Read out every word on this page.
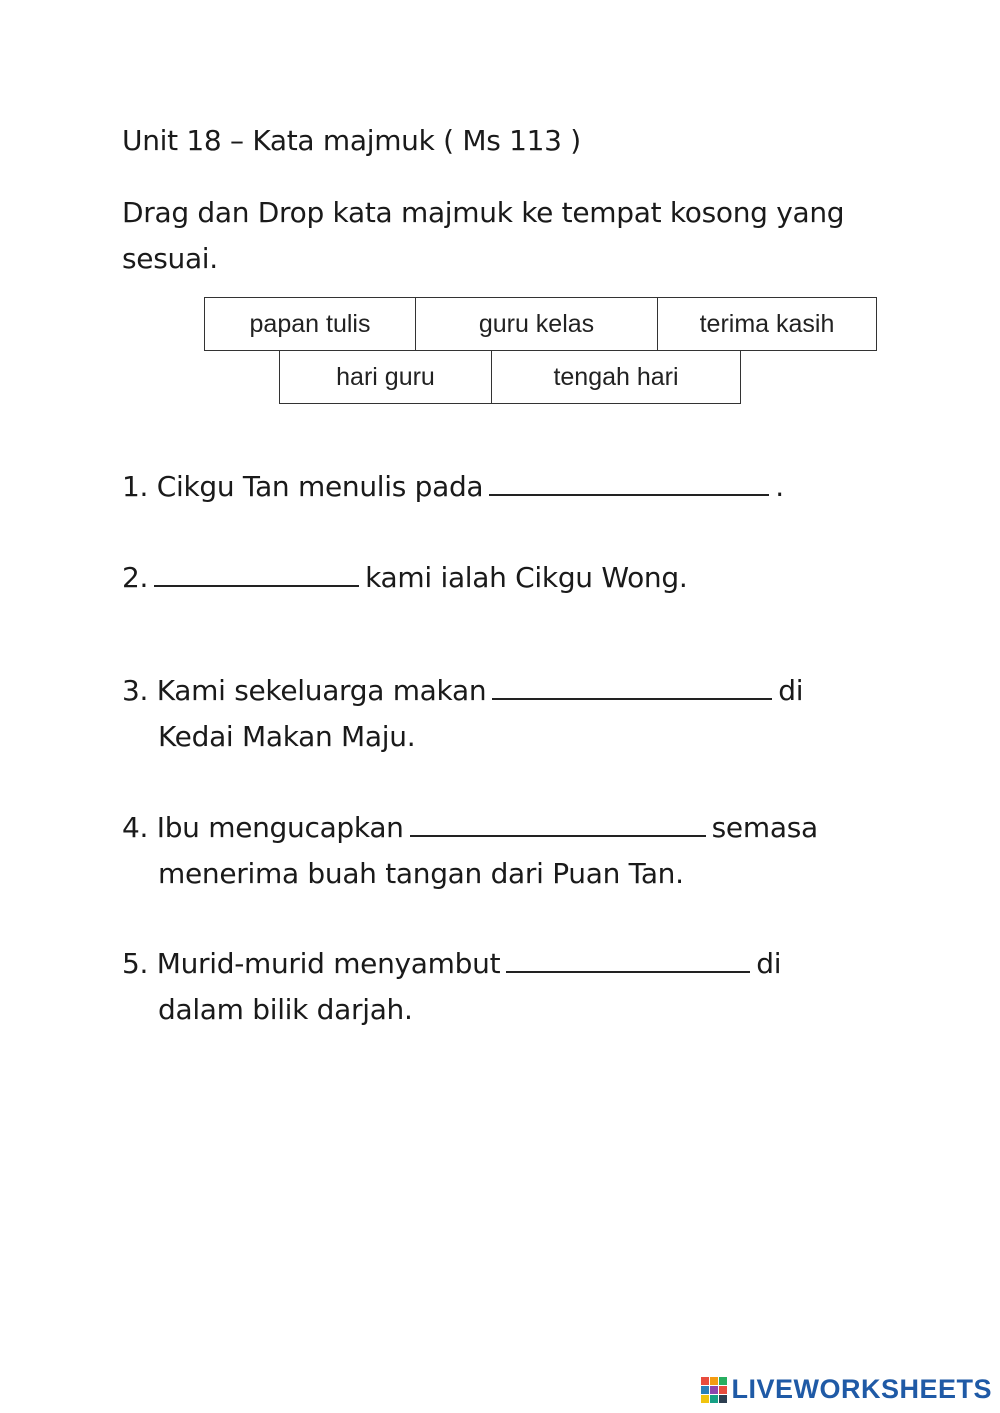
Unit 18 – Kata majmuk ( Ms 113 )
Drag dan Drop kata majmuk ke tempat kosong yang sesuai.
papan tulis	guru kelas	terima kasih
hari guru	tengah hari
1. Cikgu Tan menulis pada	.
2.	kami ialah Cikgu Wong.
3. Kami sekeluarga makan	di
Kedai Makan Maju.
4. Ibu mengucapkan	semasa
menerima buah tangan dari Puan Tan.
5. Murid-murid menyambut	di
dalam bilik darjah.
LIVEWORKSHEETS
